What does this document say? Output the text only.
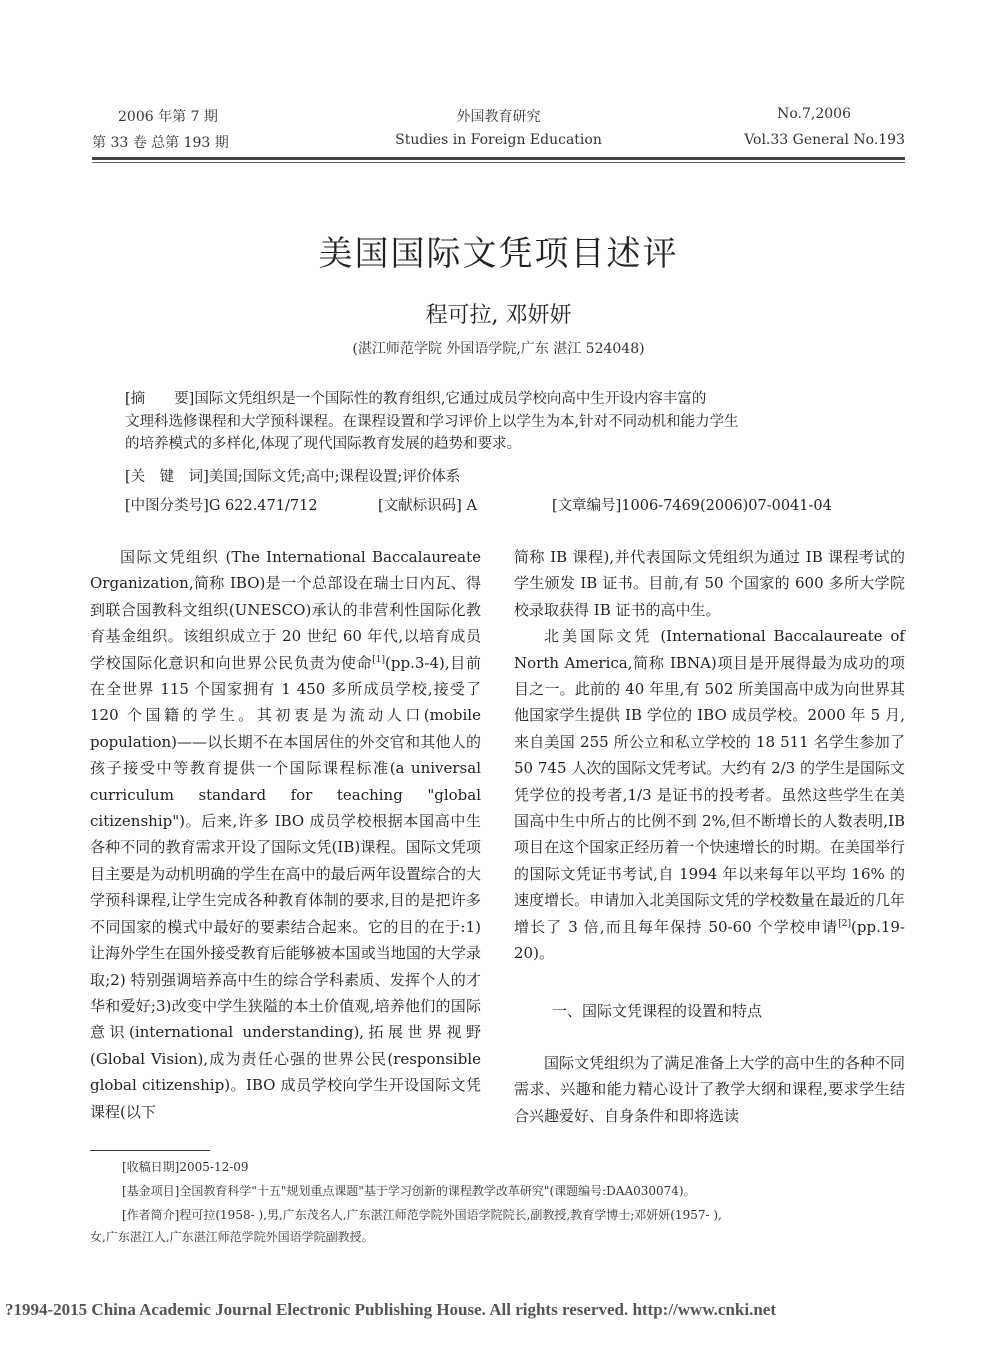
2006 年第 7 期
第 33 卷 总第 193 期
外国教育研究
Studies in Foreign Education
No.7,2006
Vol.33 General No.193
美国国际文凭项目述评
程可拉, 邓妍妍
(湛江师范学院 外国语学院,广东 湛江 524048)
[摘　　要]国际文凭组织是一个国际性的教育组织,它通过成员学校向高中生开设内容丰富的
文理科选修课程和大学预科课程。在课程设置和学习评价上以学生为本,针对不同动机和能力学生
的培养模式的多样化,体现了现代国际教育发展的趋势和要求。
[关　键　词]美国;国际文凭;高中;课程设置;评价体系
[中图分类号]G 622.471/712	[文献标识码] A	[文章编号]1006-7469(2006)07-0041-04

国际文凭组织 (The International Baccalaureate Organization,简称 IBO)是一个总部设在瑞士日内瓦、得到联合国教科文组织(UNESCO)承认的非营利性国际化教育基金组织。该组织成立于 20 世纪 60 年代,以培育成员学校国际化意识和向世界公民负责为使命[1](pp.3-4),目前在全世界 115 个国家拥有 1 450 多所成员学校,接受了 120 个国籍的学生。其初衷是为流动人口(mobile population)——以长期不在本国居住的外交官和其他人的孩子接受中等教育提供一个国际课程标准(a universal curriculum standard for teaching "global citizenship")。后来,许多 IBO 成员学校根据本国高中生各种不同的教育需求开设了国际文凭(IB)课程。国际文凭项目主要是为动机明确的学生在高中的最后两年设置综合的大学预科课程,让学生完成各种教育体制的要求,目的是把许多不同国家的模式中最好的要素结合起来。它的目的在于:1) 让海外学生在国外接受教育后能够被本国或当地国的大学录取;2) 特别强调培养高中生的综合学科素质、发挥个人的才华和爱好;3)改变中学生狭隘的本土价值观,培养他们的国际意识(international understanding),拓展世界视野(Global Vision),成为责任心强的世界公民(responsible global citizenship)。IBO 成员学校向学生开设国际文凭课程(以下

简称 IB 课程),并代表国际文凭组织为通过 IB 课程考试的学生颁发 IB 证书。目前,有 50 个国家的 600 多所大学院校录取获得 IB 证书的高中生。

北美国际文凭 (International Baccalaureate of North America,简称 IBNA)项目是开展得最为成功的项目之一。此前的 40 年里,有 502 所美国高中成为向世界其他国家学生提供 IB 学位的 IBO 成员学校。2000 年 5 月,来自美国 255 所公立和私立学校的 18 511 名学生参加了 50 745 人次的国际文凭考试。大约有 2/3 的学生是国际文凭学位的投考者,1/3 是证书的投考者。虽然这些学生在美国高中生中所占的比例不到 2%,但不断增长的人数表明,IB 项目在这个国家正经历着一个快速增长的时期。在美国举行的国际文凭证书考试,自 1994 年以来每年以平均 16% 的速度增长。申请加入北美国际文凭的学校数量在最近的几年增长了 3 倍,而且每年保持 50-60 个学校申请[2](pp.19-20)。

一、国际文凭课程的设置和特点

国际文凭组织为了满足准备上大学的高中生的各种不同需求、兴趣和能力精心设计了教学大纲和课程,要求学生结合兴趣爱好、自身条件和即将选读

[收稿日期]2005-12-09
[基金项目]全国教育科学"十五"规划重点课题"基于学习创新的课程教学改革研究"(课题编号:DAA030074)。
[作者简介]程可拉(1958- ),男,广东茂名人,广东湛江师范学院外国语学院院长,副教授,教育学博士;邓妍妍(1957- ),
女,广东湛江人,广东湛江师范学院外国语学院副教授。
?1994-2015 China Academic Journal Electronic Publishing House. All rights reserved. http://www.cnki.net
